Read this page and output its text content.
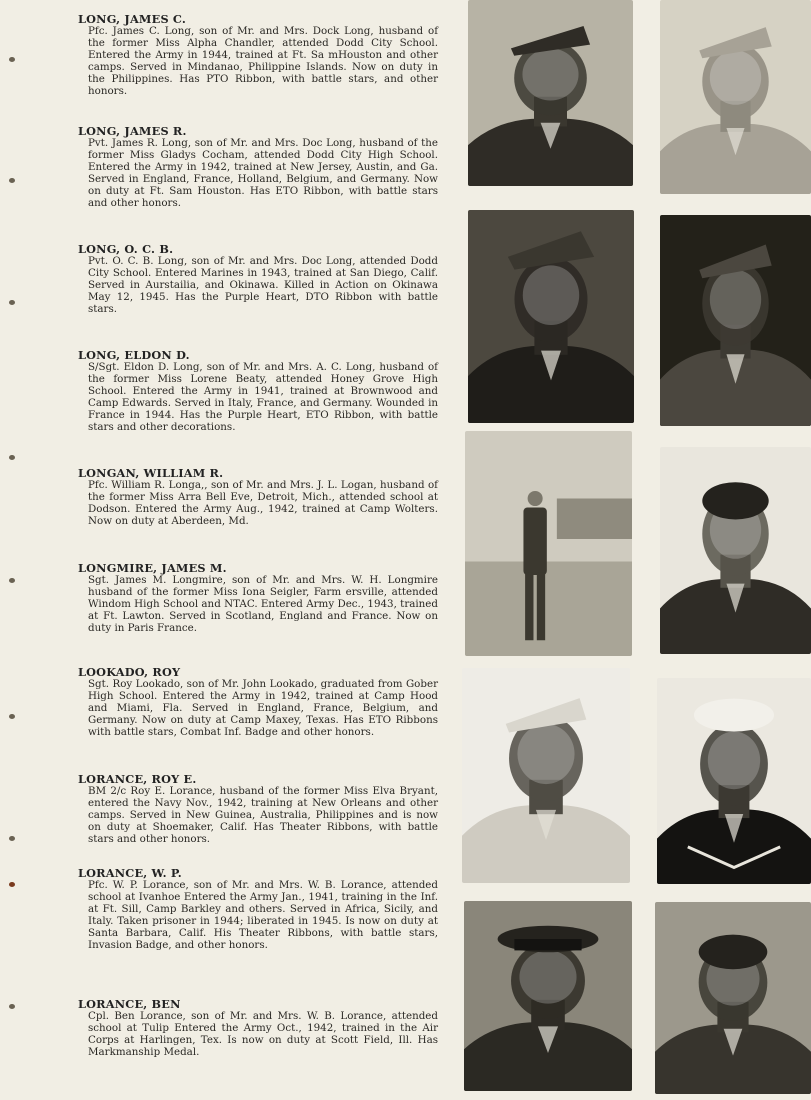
LONG, JAMES C.
Pfc. James C. Long, son of Mr. and Mrs. Dock Long, husband of the former Miss Alpha Chandler, attended Dodd City School. Entered the Army in 1944, trained at Ft. Sa mHouston and other camps. Served in Mindanao, Philippine Islands. Now on duty in the Philippines. Has PTO Ribbon, with battle stars, and other honors.
LONG, JAMES R.
Pvt. James R. Long, son of Mr. and Mrs. Doc Long, husband of the former Miss Gladys Cocham, attended Dodd City High School. Entered the Army in 1942, trained at New Jersey, Austin, and Ga. Served in England, France, Holland, Belgium, and Germany. Now on duty at Ft. Sam Houston. Has ETO Ribbon, with battle stars and other honors.
LONG, O. C. B.
Pvt. O. C. B. Long, son of Mr. and Mrs. Doc Long, attended Dodd City School. Entered Marines in 1943, trained at San Diego, Calif. Served in Aurstailia, and Okinawa. Killed in Action on Okinawa May 12, 1945. Has the Purple Heart, DTO Ribbon with battle stars.
LONG, ELDON D.
S/Sgt. Eldon D. Long, son of Mr. and Mrs. A. C. Long, husband of the former Miss Lorene Beaty, attended Honey Grove High School. Entered the Army in 1941, trained at Brownwood and Camp Edwards. Served in Italy, France, and Germany. Wounded in France in 1944. Has the Purple Heart, ETO Ribbon, with battle stars and other decorations.
LONGAN, WILLIAM R.
Pfc. William R. Longa,, son of Mr. and Mrs. J. L. Logan, husband of the former Miss Arra Bell Eve, Detroit, Mich., attended school at Dodson. Entered the Army Aug., 1942, trained at Camp Wolters. Now on duty at Aberdeen, Md.
LONGMIRE, JAMES M.
Sgt. James M. Longmire, son of Mr. and Mrs. W. H. Longmire husband of the former Miss Iona Seigler, Farm ersville, attended Windom High School and NTAC. Entered Army Dec., 1943, trained at Ft. Lawton. Served in Scotland, England and France. Now on duty in Paris France.
LOOKADO, ROY
Sgt. Roy Lookado, son of Mr. John Lookado, graduated from Gober High School. Entered the Army in 1942, trained at Camp Hood and Miami, Fla. Served in England, France, Belgium, and Germany. Now on duty at Camp Maxey, Texas. Has ETO Ribbons with battle stars, Combat Inf. Badge and other honors.
LORANCE, ROY E.
BM 2/c Roy E. Lorance, husband of the former Miss Elva Bryant, entered the Navy Nov., 1942, training at New Orleans and other camps. Served in New Guinea, Australia, Philippines and is now on duty at Shoemaker, Calif. Has Theater Ribbons, with battle stars and other honors.
LORANCE, W. P.
Pfc. W. P. Lorance, son of Mr. and Mrs. W. B. Lorance, attended school at Ivanhoe Entered the Army Jan., 1941, training in the Inf. at Ft. Sill, Camp Barkley and others. Served in Africa, Sicily, and Italy. Taken prisoner in 1944; liberated in 1945. Is now on duty at Santa Barbara, Calif. His Theater Ribbons, with battle stars, Invasion Badge, and other honors.
LORANCE, BEN
Cpl. Ben Lorance, son of Mr. and Mrs. W. B. Lorance, attended school at Tulip Entered the Army Oct., 1942, trained in the Air Corps at Harlingen, Tex. Is now on duty at Scott Field, Ill. Has Markmanship Medal.
